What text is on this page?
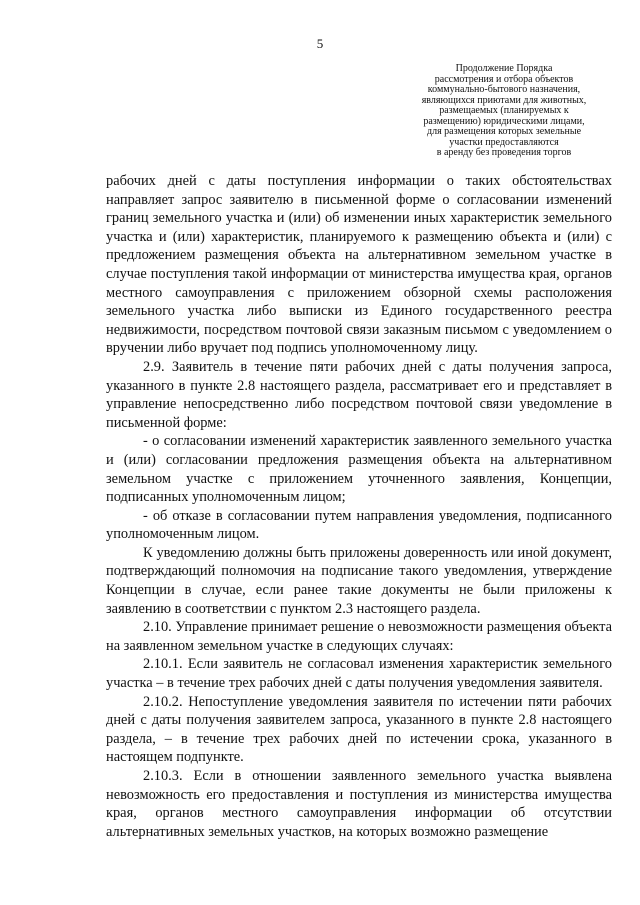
5
Продолжение Порядка
рассмотрения и отбора объектов
коммунально-бытового назначения,
являющихся приютами для животных,
размещаемых (планируемых к
размещению) юридическими лицами,
для размещения которых земельные
участки предоставляются
в аренду без проведения торгов

рабочих дней с даты поступления информации о таких обстоятельствах направляет запрос заявителю в письменной форме о согласовании изменений границ земельного участка и (или) об изменении иных характеристик земельного участка и (или) характеристик, планируемого к размещению объекта и (или) с предложением размещения объекта на альтернативном земельном участке в случае поступления такой информации от министерства имущества края, органов местного самоуправления с приложением обзорной схемы расположения земельного участка либо выписки из Единого государственного реестра недвижимости, посредством почтовой связи заказным письмом с уведомлением о вручении либо вручает под подпись уполномоченному лицу.

2.9. Заявитель в течение пяти рабочих дней с даты получения запроса, указанного в пункте 2.8 настоящего раздела, рассматривает его и представляет в управление непосредственно либо посредством почтовой связи уведомление в письменной форме:

- о согласовании изменений характеристик заявленного земельного участка и (или) согласовании предложения размещения объекта на альтернативном земельном участке с приложением уточненного заявления, Концепции, подписанных уполномоченным лицом;

- об отказе в согласовании путем направления уведомления, подписанного уполномоченным лицом.

К уведомлению должны быть приложены доверенность или иной документ, подтверждающий полномочия на подписание такого уведомления, утверждение Концепции в случае, если ранее такие документы не были приложены к заявлению в соответствии с пунктом 2.3 настоящего раздела.

2.10. Управление принимает решение о невозможности размещения объекта на заявленном земельном участке в следующих случаях:

2.10.1. Если заявитель не согласовал изменения характеристик земельного участка – в течение трех рабочих дней с даты получения уведомления заявителя.

2.10.2. Непоступление уведомления заявителя по истечении пяти рабочих дней с даты получения заявителем запроса, указанного в пункте 2.8 настоящего раздела, – в течение трех рабочих дней по истечении срока, указанного в настоящем подпункте.

2.10.3. Если в отношении заявленного земельного участка выявлена невозможность его предоставления и поступления из министерства имущества края, органов местного самоуправления информации об отсутствии альтернативных земельных участков, на которых возможно размещение
